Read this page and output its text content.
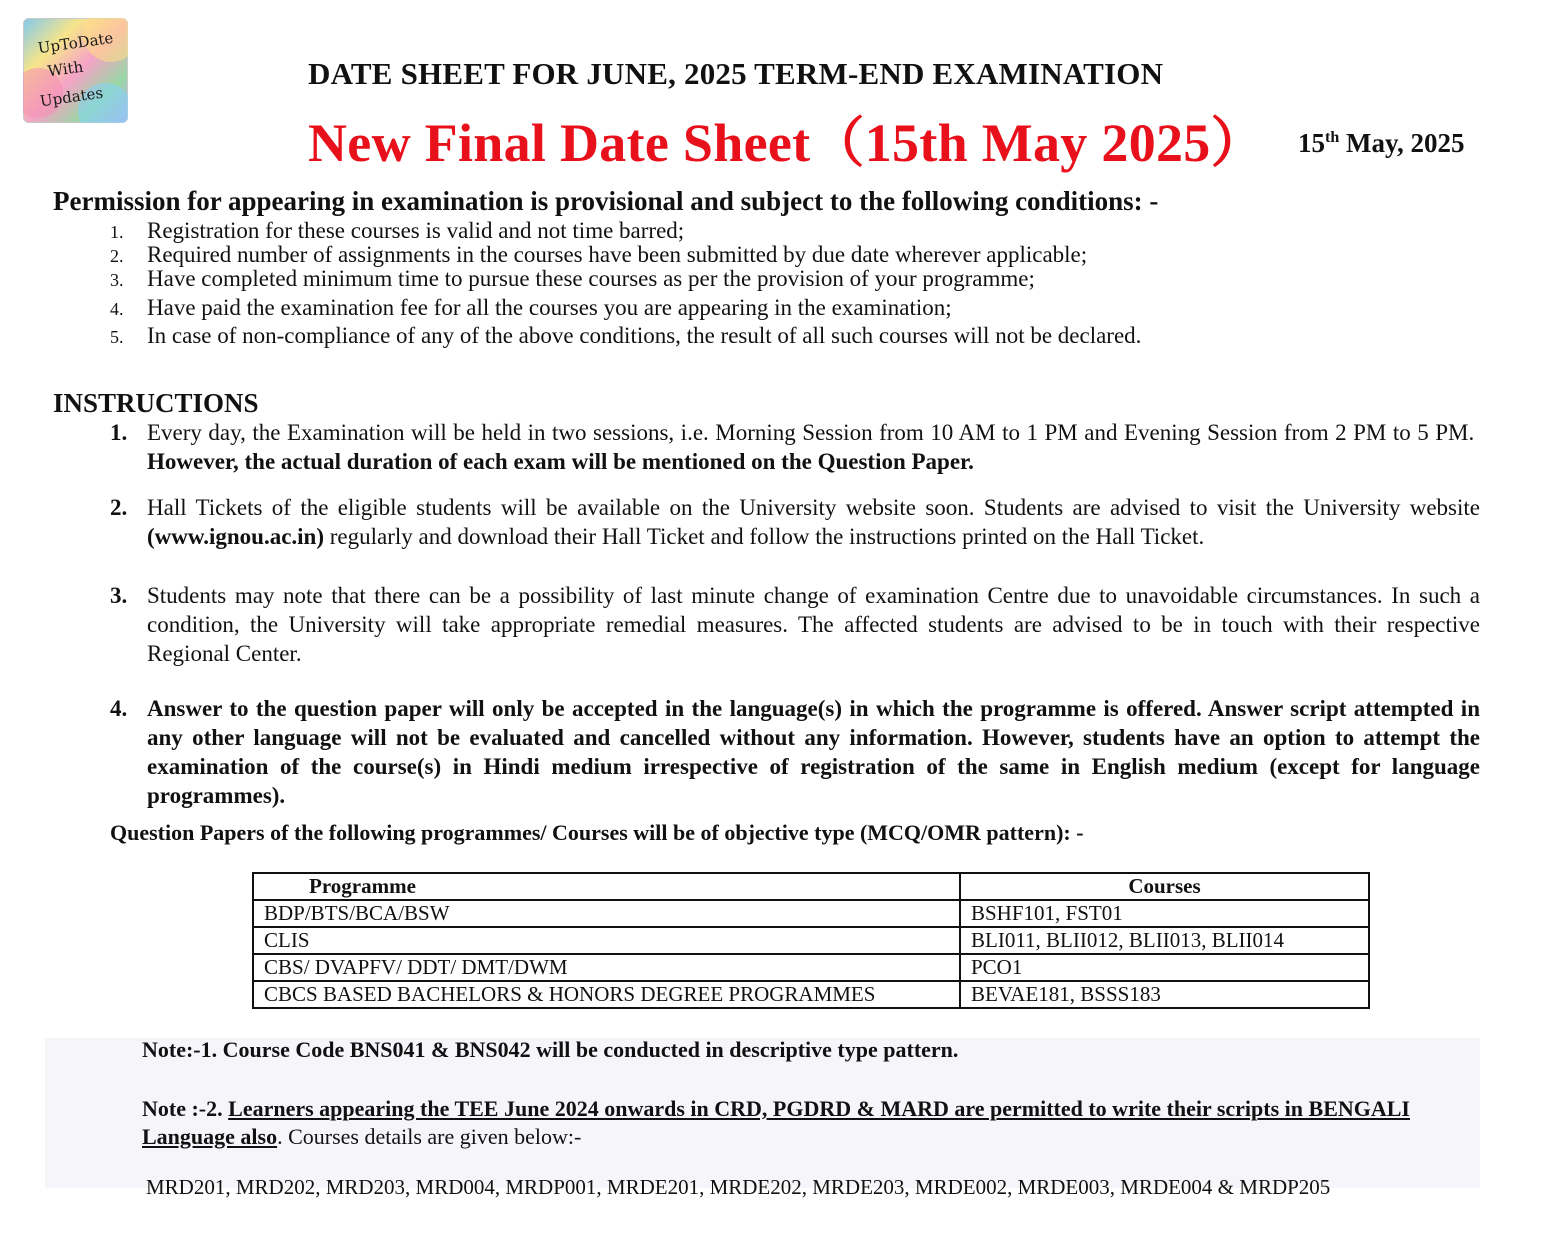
UpToDate
With
Updates
DATE SHEET FOR JUNE, 2025 TERM-END EXAMINATION
New Final Date Sheet（15th May 2025） 15th May, 2025
Permission for appearing in examination is provisional and subject to the following conditions: -
1.	Registration for these courses is valid and not time barred;
2.	Required number of assignments in the courses have been submitted by due date wherever applicable;
3.	Have completed minimum time to pursue these courses as per the provision of your programme;
4.	Have paid the examination fee for all the courses you are appearing in the examination;
5.	In case of non-compliance of any of the above conditions, the result of all such courses will not be declared.
INSTRUCTIONS
1. Every day, the Examination will be held in two sessions, i.e. Morning Session from 10 AM to 1 PM and Evening Session from 2 PM to 5 PM.  However, the actual duration of each exam will be mentioned on the Question Paper.
2. Hall Tickets of the eligible students will be available on the University website soon. Students are advised to visit the University website (www.ignou.ac.in) regularly and download their Hall Ticket and follow the instructions printed on the Hall Ticket.
3. Students may note that there can be a possibility of last minute change of examination Centre due to unavoidable circumstances. In such a condition, the University will take appropriate remedial measures. The affected students are advised to be in touch with their respective Regional Center.
4. Answer to the question paper will only be accepted in the language(s) in which the programme is offered. Answer script attempted in any other language will not be evaluated and cancelled without any information. However, students have an option to attempt the examination of the course(s) in Hindi medium irrespective of registration of the same in English medium (except for language programmes).
Question Papers of the following programmes/ Courses will be of objective type (MCQ/OMR pattern): -
Programme	Courses
BDP/BTS/BCA/BSW	BSHF101, FST01
CLIS	BLI011, BLII012, BLII013, BLII014
CBS/ DVAPFV/ DDT/ DMT/DWM	PCO1
CBCS BASED BACHELORS & HONORS DEGREE PROGRAMMES	BEVAE181, BSSS183
Note:-1. Course Code BNS041 & BNS042 will be conducted in descriptive type pattern.
Note :-2. Learners appearing the TEE June 2024 onwards in CRD, PGDRD & MARD are permitted to write their scripts in BENGALI Language also. Courses details are given below:-
MRD201, MRD202, MRD203, MRD004, MRDP001, MRDE201, MRDE202, MRDE203, MRDE002, MRDE003, MRDE004 & MRDP205
